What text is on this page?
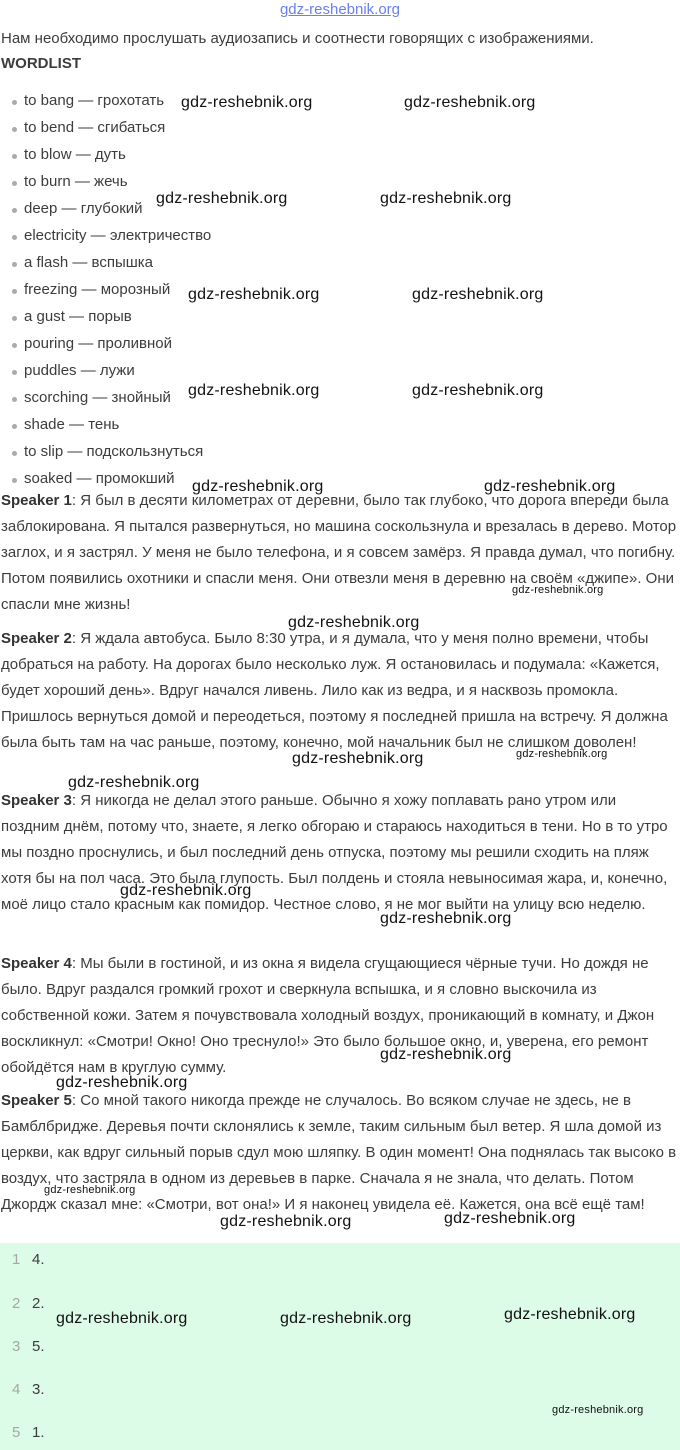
gdz-reshebnik.org
Нам необходимо прослушать аудиозапись и соотнести говорящих с изображениями.
WORDLIST
to bang — грохотать
to bend — сгибаться
to blow — дуть
to burn — жечь
deep — глубокий
electricity — электричество
a flash — вспышка
freezing — морозный
a gust — порыв
pouring — проливной
puddles — лужи
scorching — знойный
shade — тень
to slip — подскользнуться
soaked — промокший

Speaker 1: Я был в десяти километрах от деревни, было так глубоко, что дорога впереди была заблокирована. Я пытался развернуться, но машина соскользнула и врезалась в дерево. Мотор заглох, и я застрял. У меня не было телефона, и я совсем замёрз. Я правда думал, что погибну. Потом появились охотники и спасли меня. Они отвезли меня в деревню на своём «джипе». Они спасли мне жизнь!

Speaker 2: Я ждала автобуса. Было 8:30 утра, и я думала, что у меня полно времени, чтобы добраться на работу. На дорогах было несколько луж. Я остановилась и подумала: «Кажется, будет хороший день». Вдруг начался ливень. Лило как из ведра, и я насквозь промокла. Пришлось вернуться домой и переодеться, поэтому я последней пришла на встречу. Я должна была быть там на час раньше, поэтому, конечно, мой начальник был не слишком доволен!

Speaker 3: Я никогда не делал этого раньше. Обычно я хожу поплавать рано утром или поздним днём, потому что, знаете, я легко обгораю и стараюсь находиться в тени. Но в то утро мы поздно проснулись, и был последний день отпуска, поэтому мы решили сходить на пляж хотя бы на пол часа. Это была глупость. Был полдень и стояла невыносимая жара, и, конечно, моё лицо стало красным как помидор. Честное слово, я не мог выйти на улицу всю неделю.

Speaker 4: Мы были в гостиной, и из окна я видела сгущающиеся чёрные тучи. Но дождя не было. Вдруг раздался громкий грохот и сверкнула вспышка, и я словно выскочила из собственной кожи. Затем я почувствовала холодный воздух, проникающий в комнату, и Джон воскликнул: «Смотри! Окно! Оно треснуло!» Это было большое окно, и, уверена, его ремонт обойдётся нам в круглую сумму.

Speaker 5: Со мной такого никогда прежде не случалось. Во всяком случае не здесь, не в Бамблбридже. Деревья почти склонялись к земле, таким сильным был ветер. Я шла домой из церкви, как вдруг сильный порыв сдул мою шляпку. В один момент! Она поднялась так высоко в воздух, что застряла в одном из деревьев в парке. Сначала я не знала, что делать. Потом Джордж сказал мне: «Смотри, вот она!» И я наконец увидела её. Кажется, она всё ещё там!

1 4.
2 2.
3 5.
4 3.
5 1.
gdz-reshebnik.org	gdz-reshebnik.org
gdz-reshebnik.org	gdz-reshebnik.org
gdz-reshebnik.org	gdz-reshebnik.org
gdz-reshebnik.org	gdz-reshebnik.org
gdz-reshebnik.org	gdz-reshebnik.org
gdz-reshebnik.org
gdz-reshebnik.org
gdz-reshebnik.org	gdz-reshebnik.org
gdz-reshebnik.org
gdz-reshebnik.org
gdz-reshebnik.org
gdz-reshebnik.org
gdz-reshebnik.org
gdz-reshebnik.org
gdz-reshebnik.org	gdz-reshebnik.org
gdz-reshebnik.org	gdz-reshebnik.org	gdz-reshebnik.org
gdz-reshebnik.org
